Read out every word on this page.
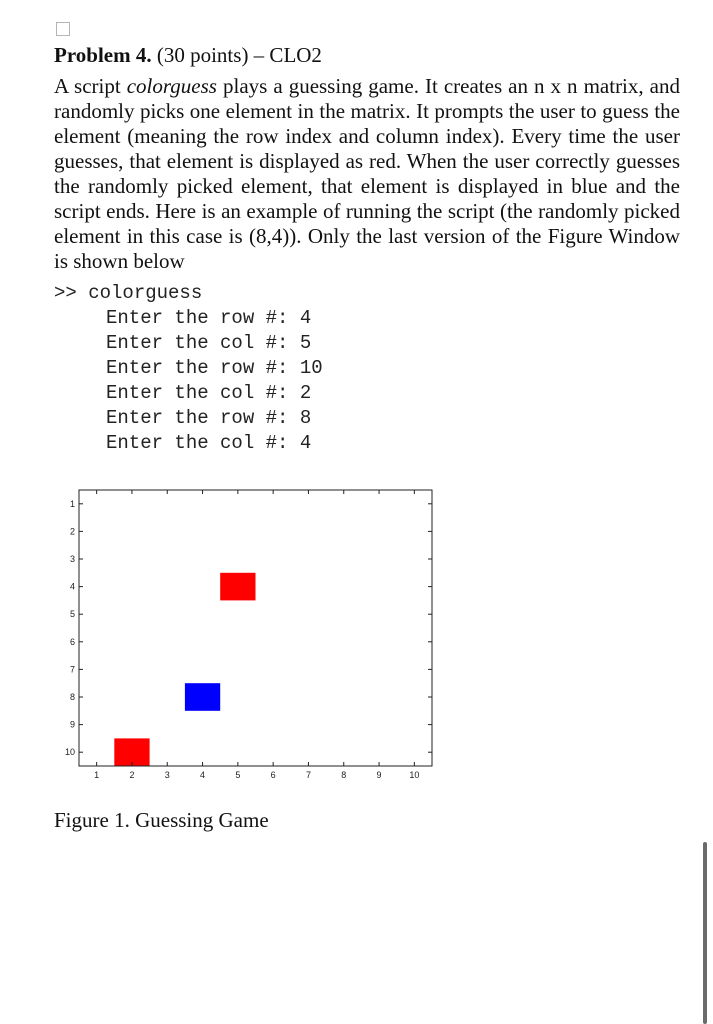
Problem 4. (30 points) – CLO2

A script colorguess plays a guessing game. It creates an n x n matrix, and randomly picks one element in the matrix. It prompts the user to guess the element (meaning the row index and column index). Every time the user guesses, that element is displayed as red. When the user correctly guesses the randomly picked element, that element is displayed in blue and the script ends. Here is an example of running the script (the randomly picked element in this case is (8,4)). Only the last version of the Figure Window is shown below

>> colorguess
Enter the row #: 4
Enter the col #: 5
Enter the row #: 10
Enter the col #: 2
Enter the row #: 8
Enter the col #: 4
1	2	3	4	5	6	7	8	9	10
1
2
3
4
5
6
7
8
9
10
Figure 1. Guessing Game
